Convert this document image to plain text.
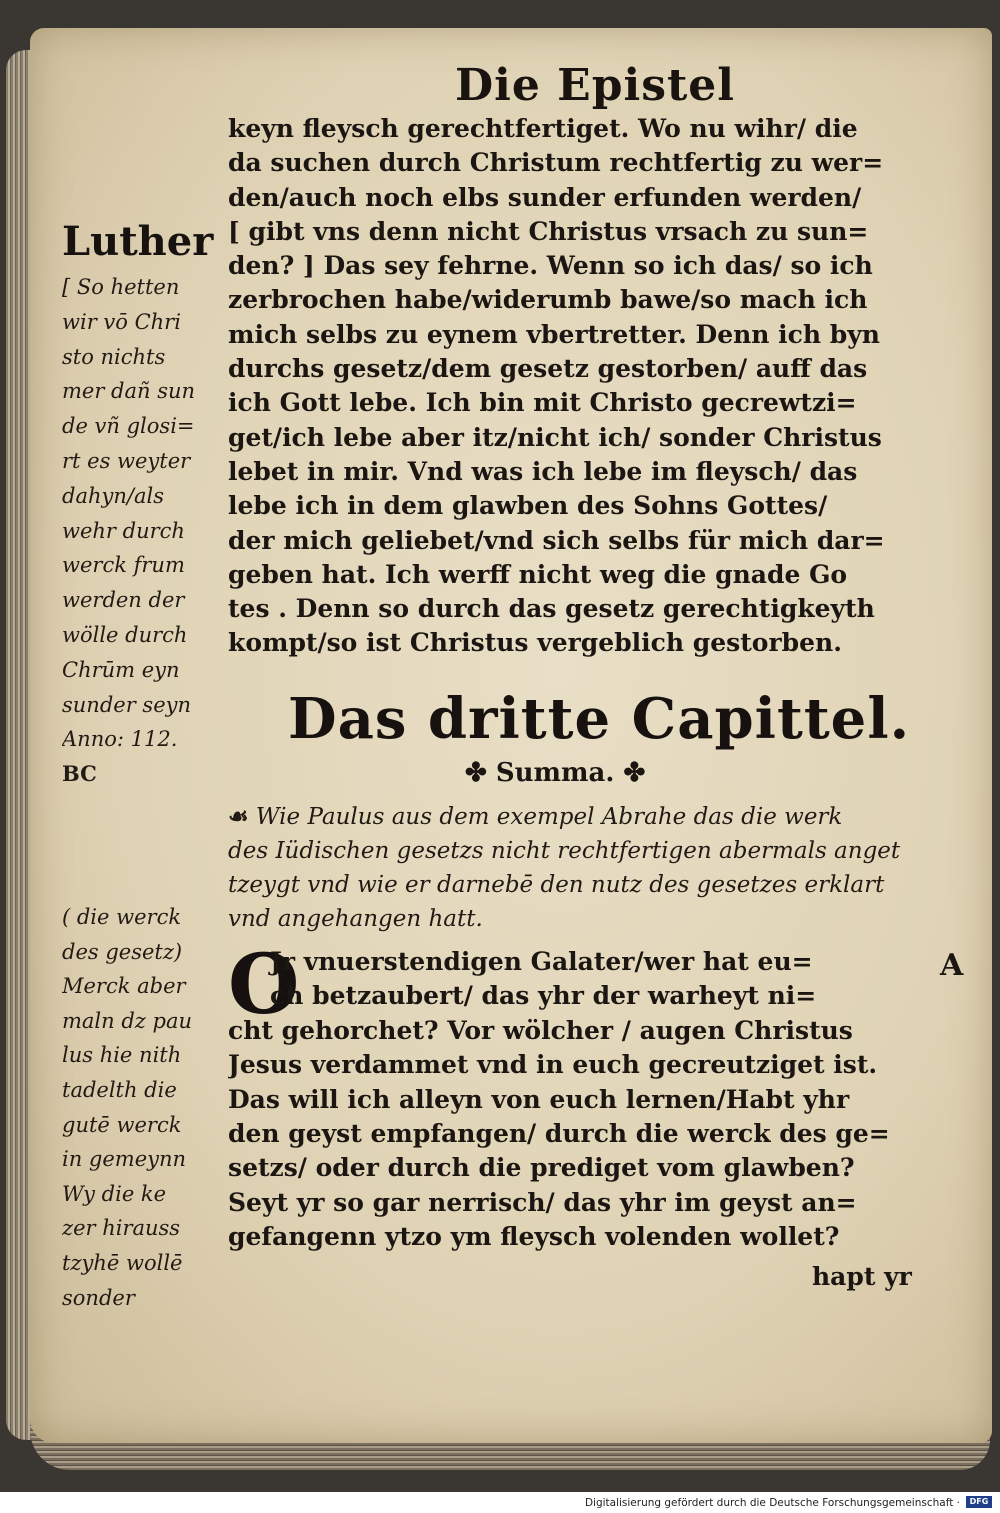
Die Epistel
Luther
[ So hetten
wir vō Chri
sto nichts
mer dañ sun
de vñ glosi=
rt es weyter
dahyn/als
wehr durch
werck frum
werden der
wölle durch
Chrūm eyn
sunder seyn
Anno: 112.
BC
keyn fleysch gerechtfertiget. Wo nu wihr/ die
da suchen durch Christum rechtfertig zu wer=
den/auch noch elbs sunder erfunden werden/
[ gibt vns denn nicht Christus vrsach zu sun=
den? ] Das sey fehrne. Wenn so ich das/ so ich
zerbrochen habe/widerumb bawe/so mach ich
mich selbs zu eynem vbertretter. Denn ich byn
durchs gesetz/dem gesetz gestorben/ auff das
ich Gott lebe. Ich bin mit Christo gecrewtzi=
get/ich lebe aber itz/nicht ich/ sonder Christus
lebet in mir. Vnd was ich lebe im fleysch/ das
lebe ich in dem glawben des Sohns Gottes/
der mich geliebet/vnd sich selbs für mich dar=
geben hat. Ich werff nicht weg die gnade Go
tes . Denn so durch das gesetz gerechtigkeyth
kompt/so ist Christus vergeblich gestorben.
Das dritte Capittel.
✤ Summa. ✤
☙ Wie Paulus aus dem exempel Abrahe das die werk
des Iüdischen gesetzs nicht rechtfertigen abermals anget
tzeygt vnd wie er darnebē den nutz des gesetzes erklart
vnd angehangen hatt.
( die werck
des gesetz)
Merck aber
maln dz pau
lus hie nith
tadelth die
gutē werck
in gemeynn
Wy die ke
zer hirauss
tzyhē wollē
sonder
O
Jr vnuerstendigen Galater/wer hat eu=
ch betzaubert/ das yhr der warheyt ni=
cht gehorchet? Vor wölcher / augen Christus
Jesus verdammet vnd in euch gecreutziget ist.
Das will ich alleyn von euch lernen/Habt yhr
den geyst empfangen/ durch die werck des ge=
setzs/ oder durch die prediget vom glawben?
Seyt yr so gar nerrisch/ das yhr im geyst an=
gefangenn ytzo ym fleysch volenden wollet?
A
hapt yr
Digitalisierung gefördert durch die Deutsche Forschungsgemeinschaft ·	DFG
